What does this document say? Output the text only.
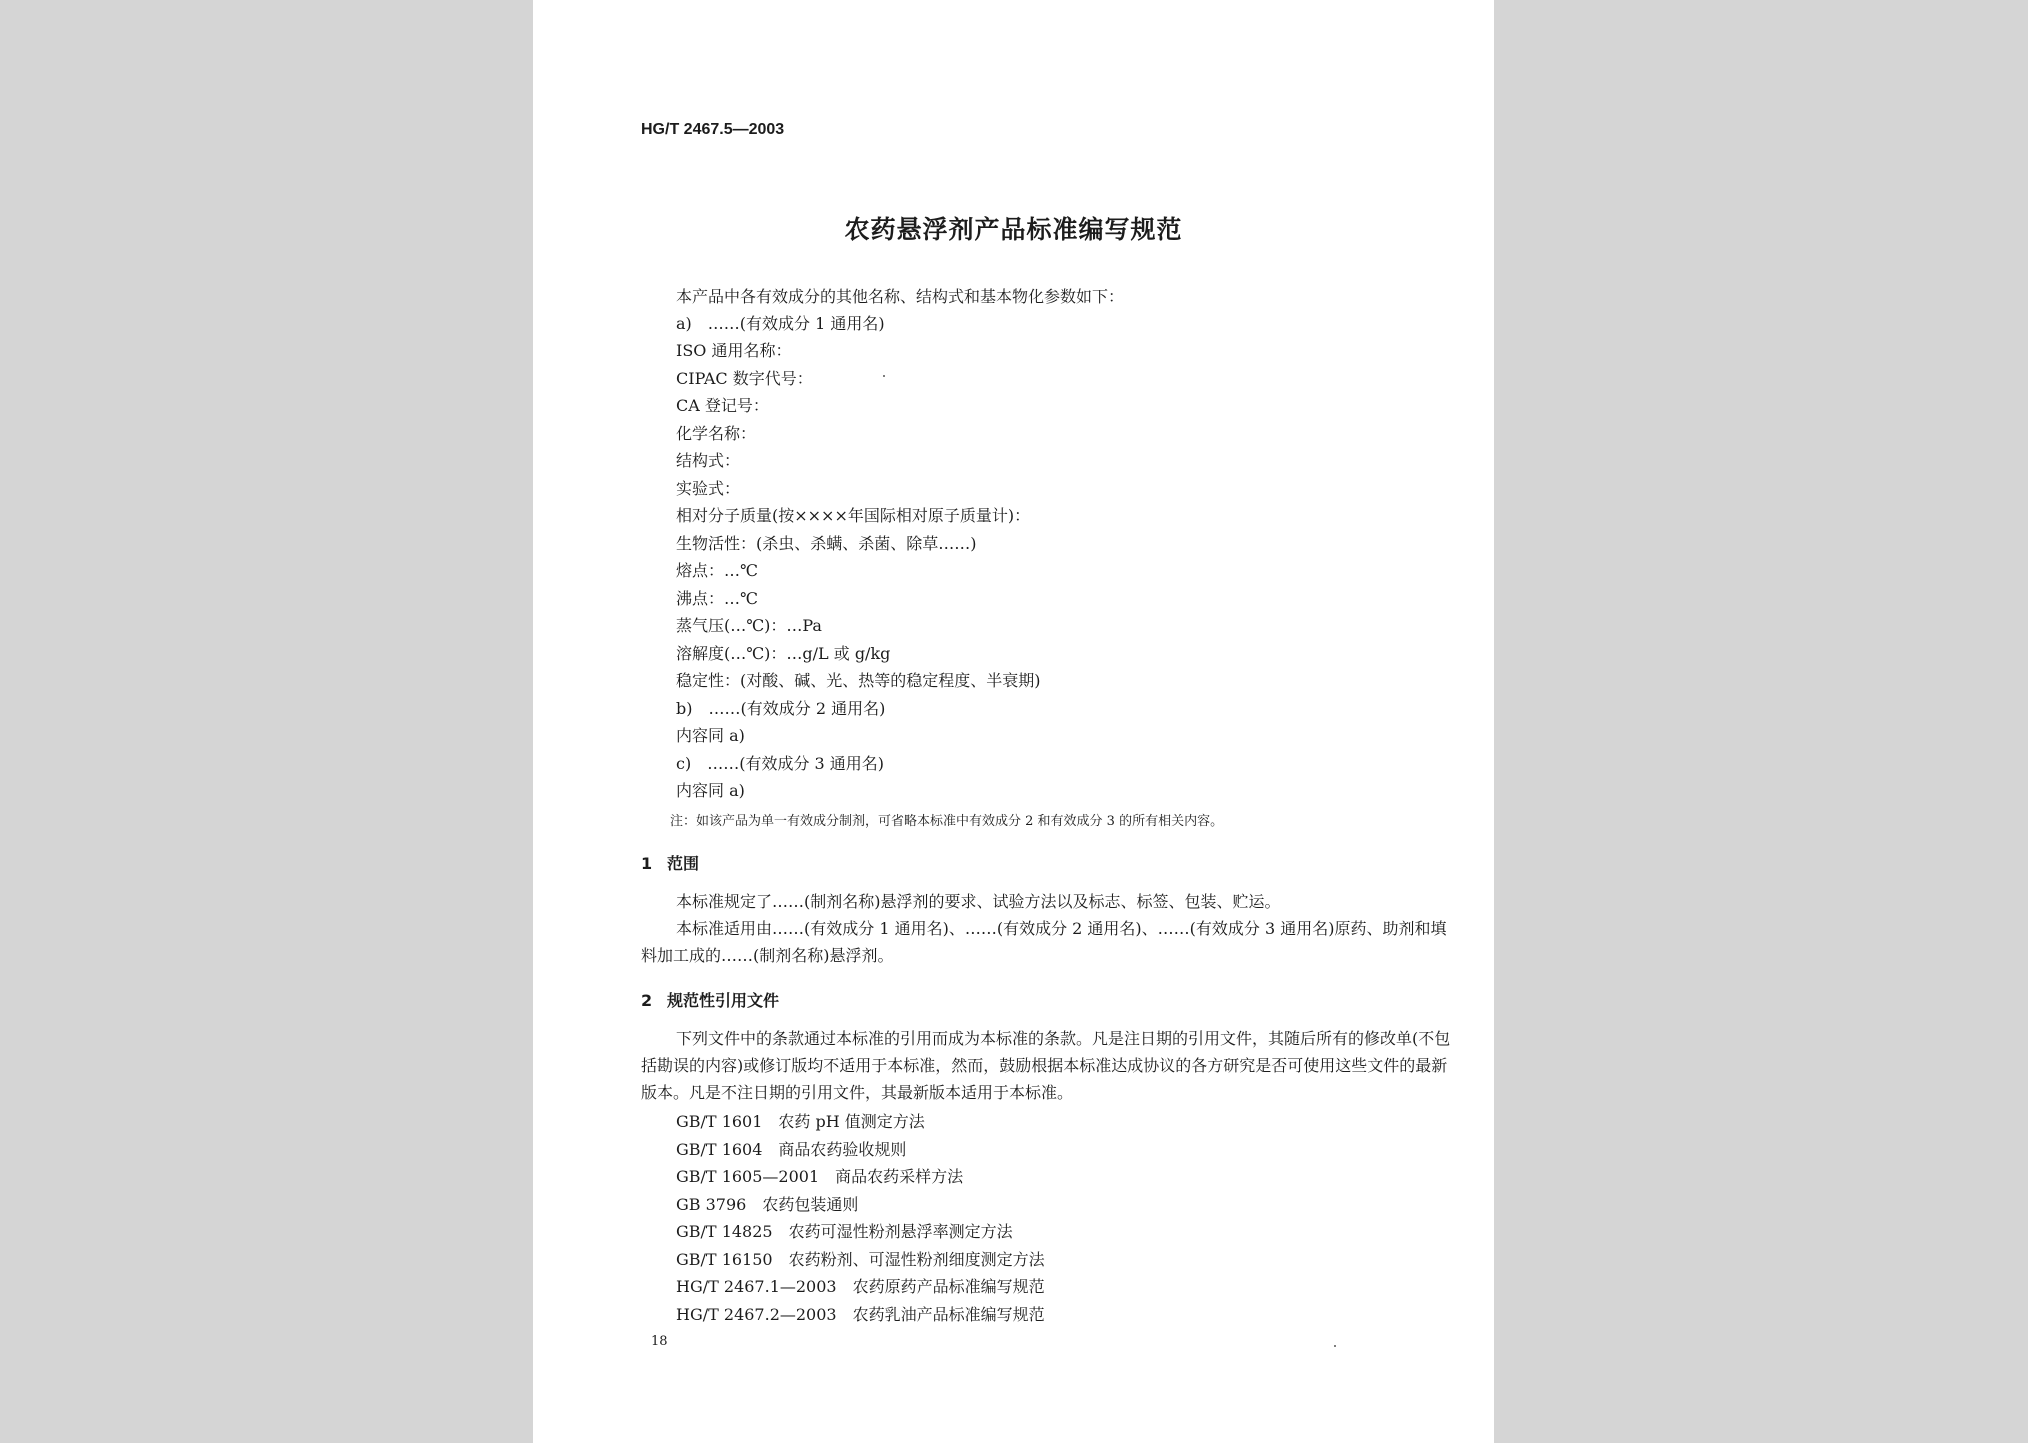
HG/T 2467.5—2003
农药悬浮剂产品标准编写规范
本产品中各有效成分的其他名称、结构式和基本物化参数如下：
a)　……(有效成分 1 通用名)
ISO 通用名称：
CIPAC 数字代号：
CA 登记号：
化学名称：
结构式：
实验式：
相对分子质量(按××××年国际相对原子质量计)：
生物活性：(杀虫、杀螨、杀菌、除草……)
熔点：…℃
沸点：…℃
蒸气压(…℃)：…Pa
溶解度(…℃)：…g/L 或 g/kg
稳定性：(对酸、碱、光、热等的稳定程度、半衰期)
b)　……(有效成分 2 通用名)
内容同 a)
c)　……(有效成分 3 通用名)
内容同 a)
注：如该产品为单一有效成分制剂，可省略本标准中有效成分 2 和有效成分 3 的所有相关内容。
1 范围
本标准规定了……(制剂名称)悬浮剂的要求、试验方法以及标志、标签、包装、贮运。
本标准适用由……(有效成分 1 通用名)、……(有效成分 2 通用名)、……(有效成分 3 通用名)原药、助剂和填料加工成的……(制剂名称)悬浮剂。
2 规范性引用文件
下列文件中的条款通过本标准的引用而成为本标准的条款。凡是注日期的引用文件，其随后所有的修改单(不包括勘误的内容)或修订版均不适用于本标准，然而，鼓励根据本标准达成协议的各方研究是否可使用这些文件的最新版本。凡是不注日期的引用文件，其最新版本适用于本标准。
GB/T 1601　农药 pH 值测定方法
GB/T 1604　商品农药验收规则
GB/T 1605—2001　商品农药采样方法
GB 3796　农药包装通则
GB/T 14825　农药可湿性粉剂悬浮率测定方法
GB/T 16150　农药粉剂、可湿性粉剂细度测定方法
HG/T 2467.1—2003　农药原药产品标准编写规范
HG/T 2467.2—2003　农药乳油产品标准编写规范
18
